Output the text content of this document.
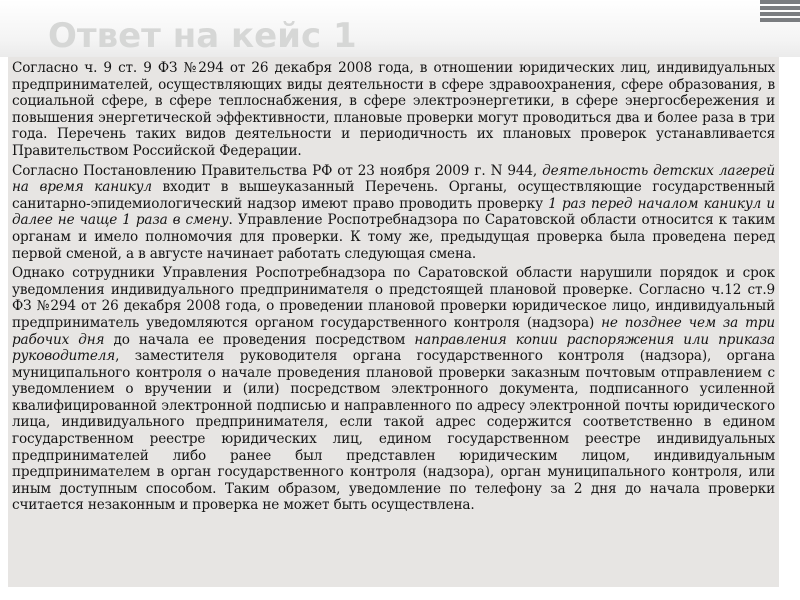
Ответ на кейс 1

Согласно ч. 9 ст. 9 ФЗ №294 от 26 декабря 2008 года, в отношении юридических лиц, индивидуальных предпринимателей, осуществляющих виды деятельности в сфере здравоохранения, сфере образования, в социальной сфере, в сфере теплоснабжения, в сфере электроэнергетики, в сфере энергосбережения и повышения энергетической эффективности, плановые проверки могут проводиться два и более раза в три года. Перечень таких видов деятельности и периодичность их плановых проверок устанавливается Правительством Российской Федерации.

Согласно Постановлению Правительства РФ от 23 ноября 2009 г. N 944, деятельность детских лагерей на время каникул входит в вышеуказанный Перечень. Органы, осуществляющие государственный санитарно-эпидемиологический надзор имеют право проводить проверку 1 раз перед началом каникул и далее не чаще 1 раза в смену. Управление Роспотребнадзора по Саратовской области относится к таким органам и имело полномочия для проверки. К тому же, предыдущая проверка была проведена перед первой сменой, а в августе начинает работать следующая смена.

Однако сотрудники Управления Роспотребнадзора по Саратовской области нарушили порядок и срок уведомления индивидуального предпринимателя о предстоящей плановой проверке. Согласно ч.12 ст.9 ФЗ №294 от 26 декабря 2008 года, о проведении плановой проверки юридическое лицо, индивидуальный предприниматель уведомляются органом государственного контроля (надзора) не позднее чем за три рабочих дня до начала ее проведения посредством направления копии распоряжения или приказа руководителя, заместителя руководителя органа государственного контроля (надзора), органа муниципального контроля о начале проведения плановой проверки заказным почтовым отправлением с уведомлением о вручении и (или) посредством электронного документа, подписанного усиленной квалифицированной электронной подписью и направленного по адресу электронной почты юридического лица, индивидуального предпринимателя, если такой адрес содержится соответственно в едином государственном реестре юридических лиц, едином государственном реестре индивидуальных предпринимателей либо ранее был представлен юридическим лицом, индивидуальным предпринимателем в орган государственного контроля (надзора), орган муниципального контроля, или иным доступным способом. Таким образом, уведомление по телефону за 2 дня до начала проверки считается незаконным и проверка не может быть осуществлена.
